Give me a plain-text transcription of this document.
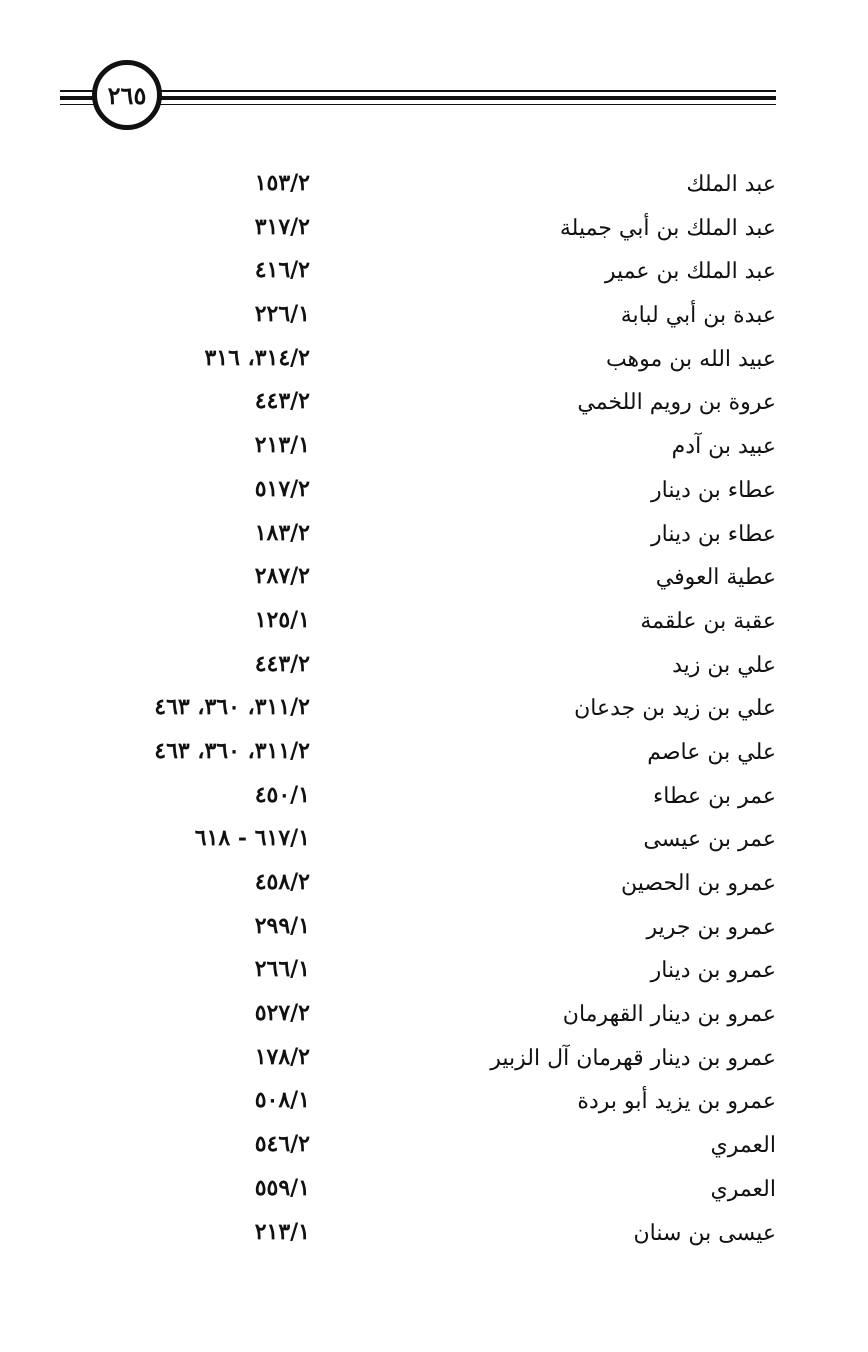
٢٦٥
عبد الملك
١٥٣/٢
عبد الملك بن أبي جميلة
٣١٧/٢
عبد الملك بن عمير
٤١٦/٢
عبدة بن أبي لبابة
٢٢٦/١
عبيد الله بن موهب
٣١٤/٢، ٣١٦
عروة بن رويم اللخمي
٤٤٣/٢
عبيد بن آدم
٢١٣/١
عطاء بن دينار
٥١٧/٢
عطاء بن دينار
١٨٣/٢
عطية العوفي
٢٨٧/٢
عقبة بن علقمة
١٢٥/١
علي بن زيد
٤٤٣/٢
علي بن زيد بن جدعان
٣١١/٢، ٣٦٠، ٤٦٣
علي بن عاصم
٣١١/٢، ٣٦٠، ٤٦٣
عمر بن عطاء
٤٥٠/١
عمر بن عيسى
٦١٧/١ - ٦١٨
عمرو بن الحصين
٤٥٨/٢
عمرو بن جرير
٢٩٩/١
عمرو بن دينار
٢٦٦/١
عمرو بن دينار القهرمان
٥٢٧/٢
عمرو بن دينار قهرمان آل الزبير
١٧٨/٢
عمرو بن يزيد أبو بردة
٥٠٨/١
العمري
٥٤٦/٢
العمري
٥٥٩/١
عيسى بن سنان
٢١٣/١
